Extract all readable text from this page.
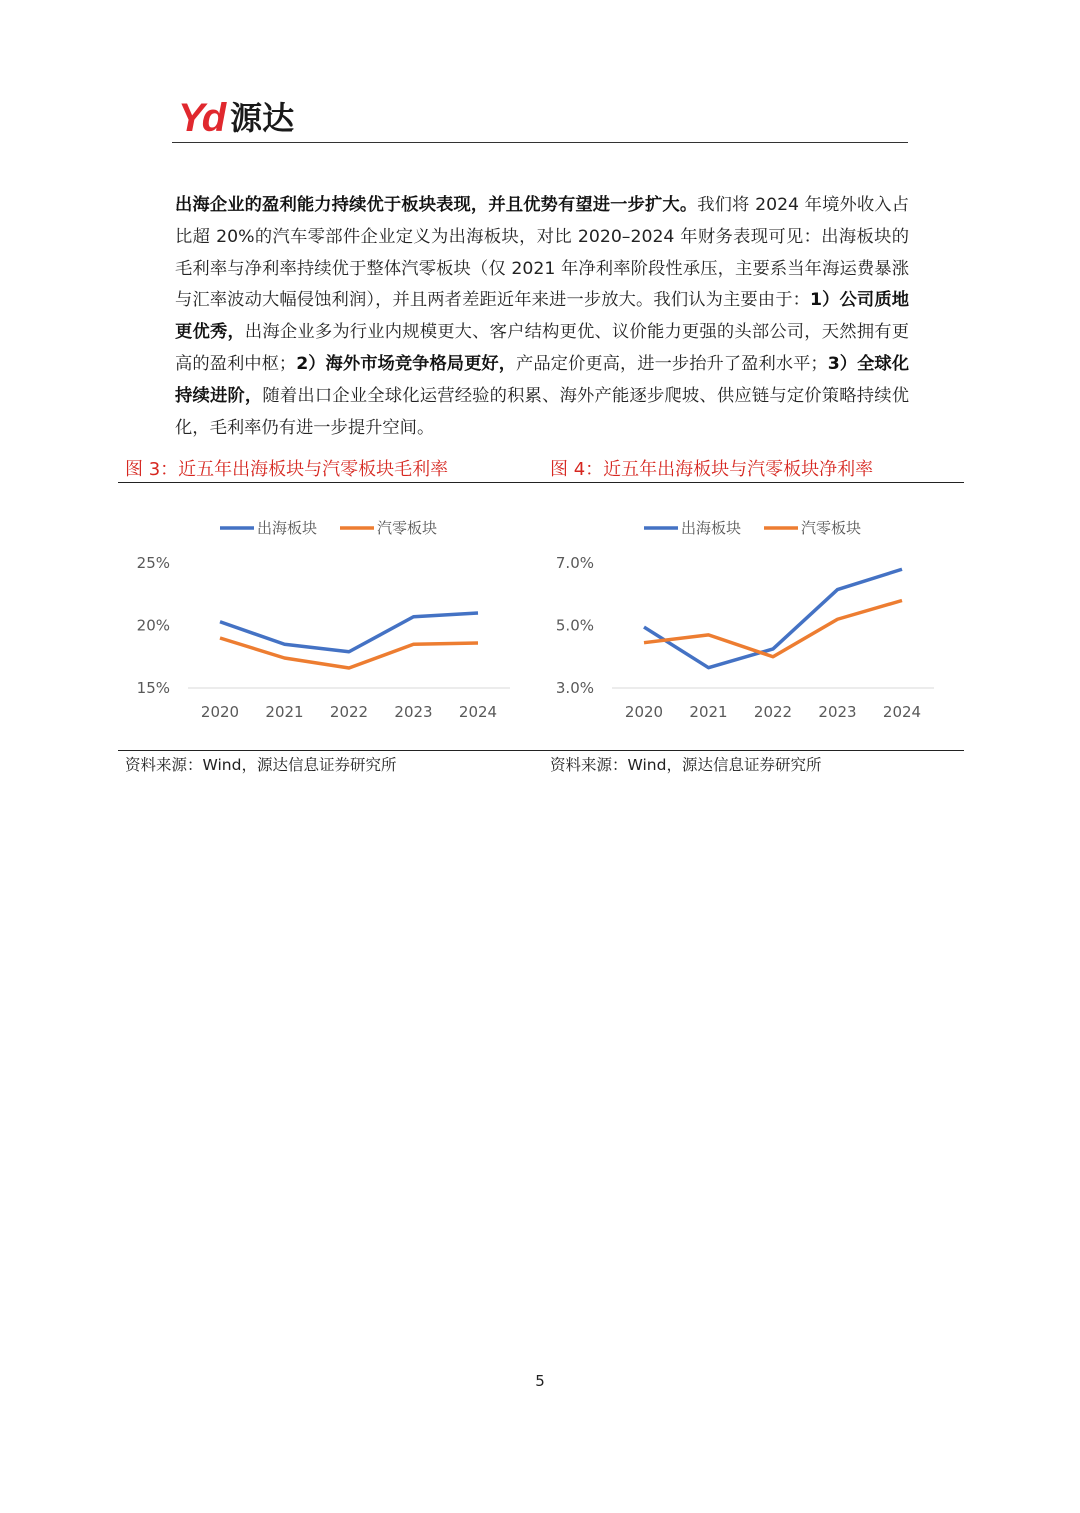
Y d 源达
出海企业的盈利能力持续优于板块表现，并且优势有望进一步扩大。我们将 2024 年境外收入占比超 20%的汽车零部件企业定义为出海板块，对比 2020–2024 年财务表现可见：出海板块的毛利率与净利率持续优于整体汽零板块（仅 2021 年净利率阶段性承压，主要系当年海运费暴涨与汇率波动大幅侵蚀利润），并且两者差距近年来进一步放大。我们认为主要由于：1）公司质地更优秀，出海企业多为行业内规模更大、客户结构更优、议价能力更强的头部公司，天然拥有更高的盈利中枢；2）海外市场竞争格局更好，产品定价更高，进一步抬升了盈利水平；3）全球化持续进阶，随着出口企业全球化运营经验的积累、海外产能逐步爬坡、供应链与定价策略持续优化，毛利率仍有进一步提升空间。
图 3：近五年出海板块与汽零板块毛利率	图 4：近五年出海板块与汽零板块净利率
出海板块	汽零板块
15%
20%
25%
2020 2021 2022 2023 2024
出海板块	汽零板块
3.0%
5.0%
7.0%
2020 2021 2022 2023 2024
资料来源：Wind，源达信息证券研究所	资料来源：Wind，源达信息证券研究所
5
